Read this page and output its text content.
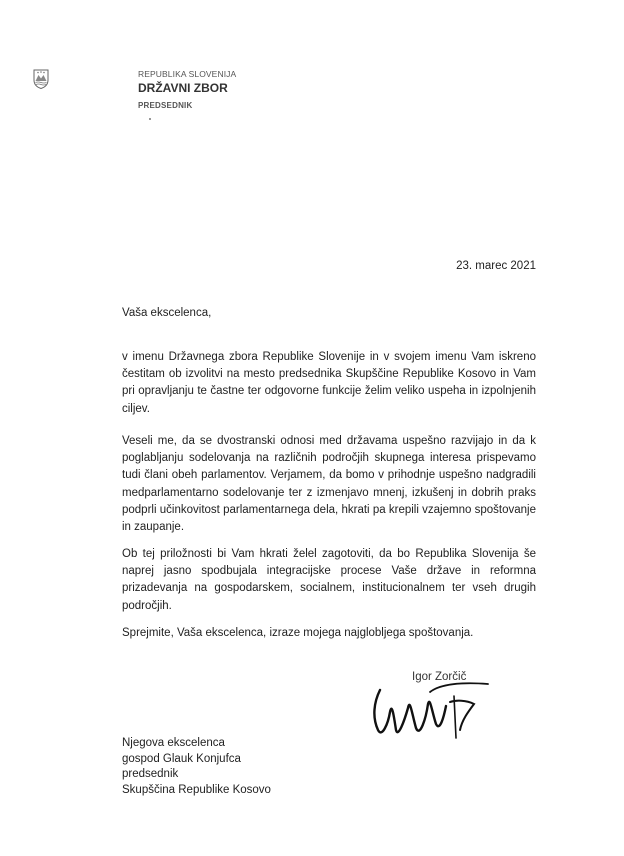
REPUBLIKA SLOVENIJA
DRŽAVNI ZBOR
PREDSEDNIK
23. marec 2021
Vaša ekscelenca,
v imenu Državnega zbora Republike Slovenije in v svojem imenu Vam iskreno čestitam ob izvolitvi na mesto predsednika Skupščine Republike Kosovo in Vam pri opravljanju te častne ter odgovorne funkcije želim veliko uspeha in izpolnjenih ciljev.
Veseli me, da se dvostranski odnosi med državama uspešno razvijajo in da k poglabljanju sodelovanja na različnih področjih skupnega interesa prispevamo tudi člani obeh parlamentov. Verjamem, da bomo v prihodnje uspešno nadgradili medparlamentarno sodelovanje ter z izmenjavo mnenj, izkušenj in dobrih praks podprli učinkovitost parlamentarnega dela, hkrati pa krepili vzajemno spoštovanje in zaupanje.
Ob tej priložnosti bi Vam hkrati želel zagotoviti, da bo Republika Slovenija še naprej jasno spodbujala integracijske procese Vaše države in reformna prizadevanja na gospodarskem, socialnem, institucionalnem ter vseh drugih področjih.
Sprejmite, Vaša ekscelenca, izraze mojega najglobljega spoštovanja.
Igor Zorčič
Njegova ekscelenca
gospod Glauk Konjufca
predsednik
Skupščina Republike Kosovo
